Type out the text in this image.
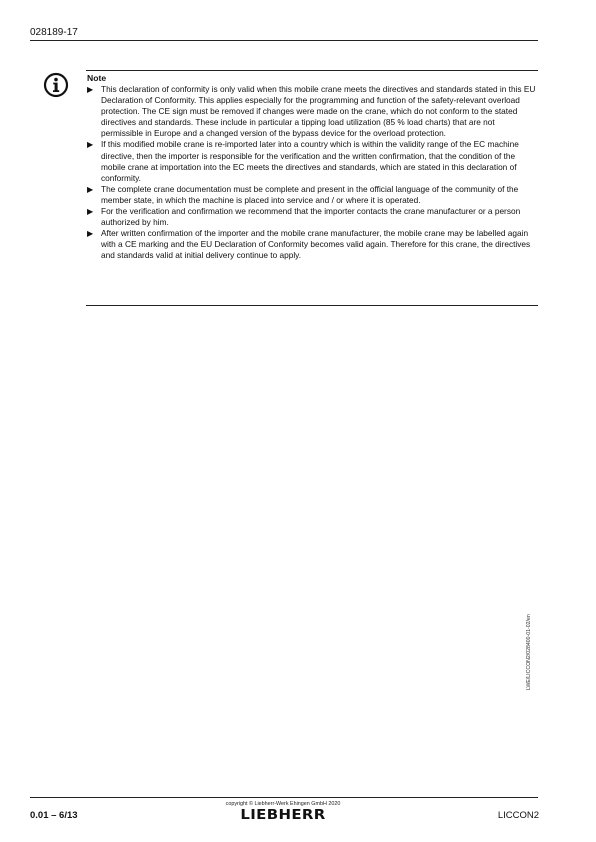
028189-17
Note
▶ This declaration of conformity is only valid when this mobile crane meets the directives and standards stated in this EU Declaration of Conformity. This applies especially for the programming and function of the safety-relevant overload protection. The CE sign must be removed if changes were made on the crane, which do not conform to the stated directives and standards. These include in particular a tipping load utilization (85 % load charts) that are not permissible in Europe and a changed version of the bypass device for the overload protection.
▶ If this modified mobile crane is re-imported later into a country which is within the validity range of the EC machine directive, then the importer is responsible for the verification and the written confirmation, that the condition of the mobile crane at importation into the EC meets the directives and standards, which are stated in this declaration of conformity.
▶ The complete crane documentation must be complete and present in the official language of the community of the member state, in which the machine is placed into service and / or where it is operated.
▶ For the verification and confirmation we recommend that the importer contacts the crane manufacturer or a person authorized by him.
▶ After written confirmation of the importer and the mobile crane manufacturer, the mobile crane may be labelled again with a CE marking and the EU Declaration of Conformity becomes valid again. Therefore for this crane, the directives and standards valid at initial delivery continue to apply.
LWE/LICCON2/028400-01-02/en
0.01 – 6/13
copyright © Liebherr-Werk Ehingen GmbH 2020
LIEBHERR	LICCON2
